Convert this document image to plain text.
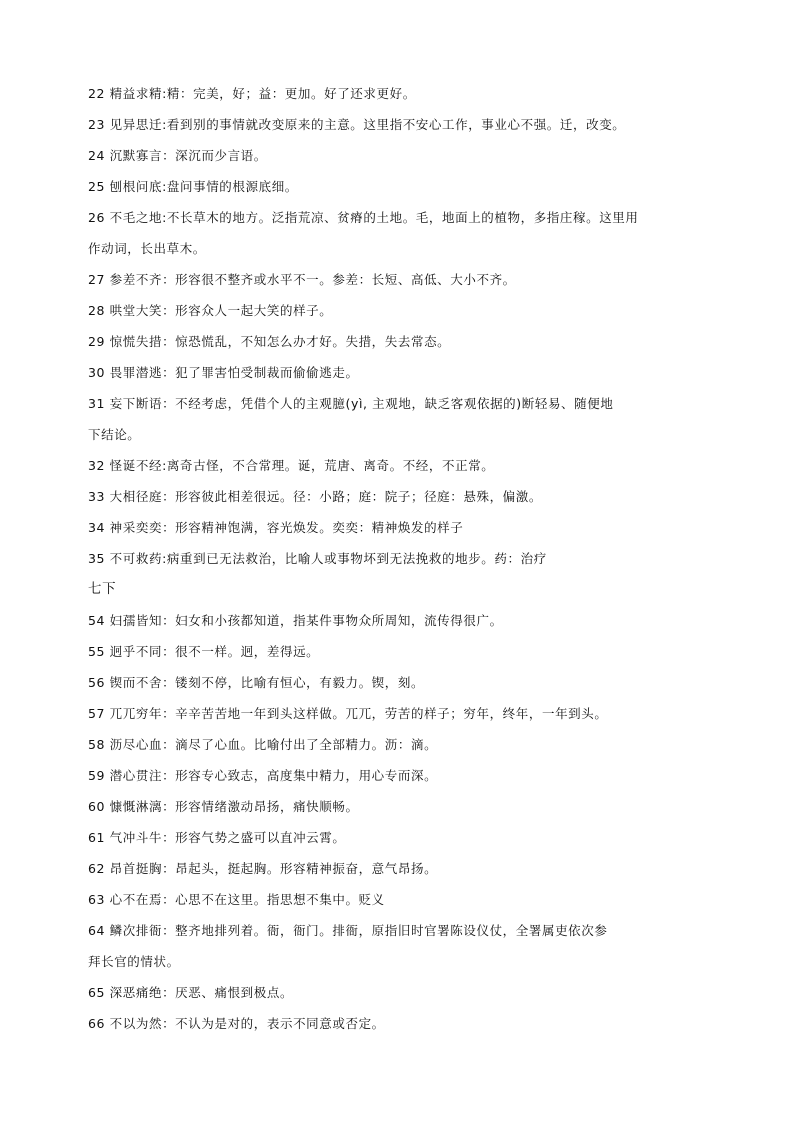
22 精益求精:精：完美，好；益：更加。好了还求更好。
23 见异思迁:看到别的事情就改变原来的主意。这里指不安心工作，事业心不强。迁，改变。
24 沉默寡言：深沉而少言语。
25 刨根问底:盘问事情的根源底细。
26 不毛之地:不长草木的地方。泛指荒凉、贫瘠的土地。毛，地面上的植物，多指庄稼。这里用
作动词，长出草木。
27 参差不齐：形容很不整齐或水平不一。参差：长短、高低、大小不齐。
28 哄堂大笑：形容众人一起大笑的样子。
29 惊慌失措：惊恐慌乱，不知怎么办才好。失措，失去常态。
30 畏罪潜逃：犯了罪害怕受制裁而偷偷逃走。
31 妄下断语：不经考虑，凭借个人的主观臆(yì, 主观地，缺乏客观依据的)断轻易、随便地
下结论。
32 怪诞不经:离奇古怪，不合常理。诞，荒唐、离奇。不经，不正常。
33 大相径庭：形容彼此相差很远。径：小路；庭：院子；径庭：悬殊，偏激。
34 神采奕奕：形容精神饱满，容光焕发。奕奕：精神焕发的样子
35 不可救药:病重到已无法救治，比喻人或事物坏到无法挽救的地步。药：治疗
七下
54 妇孺皆知：妇女和小孩都知道，指某件事物众所周知，流传得很广。
55 迥乎不同：很不一样。迥，差得远。
56 锲而不舍：镂刻不停，比喻有恒心，有毅力。锲，刻。
57 兀兀穷年：辛辛苦苦地一年到头这样做。兀兀，劳苦的样子；穷年，终年，一年到头。
58 沥尽心血：滴尽了心血。比喻付出了全部精力。沥：滴。
59 潜心贯注：形容专心致志，高度集中精力，用心专而深。
60 慷慨淋漓：形容情绪激动昂扬，痛快顺畅。
61 气冲斗牛：形容气势之盛可以直冲云霄。
62 昂首挺胸：昂起头，挺起胸。形容精神振奋，意气昂扬。
63 心不在焉：心思不在这里。指思想不集中。贬义
64 鳞次排衙：整齐地排列着。衙，衙门。排衙，原指旧时官署陈设仪仗，全署属吏依次参
拜长官的情状。
65 深恶痛绝：厌恶、痛恨到极点。
66 不以为然：不认为是对的，表示不同意或否定。
